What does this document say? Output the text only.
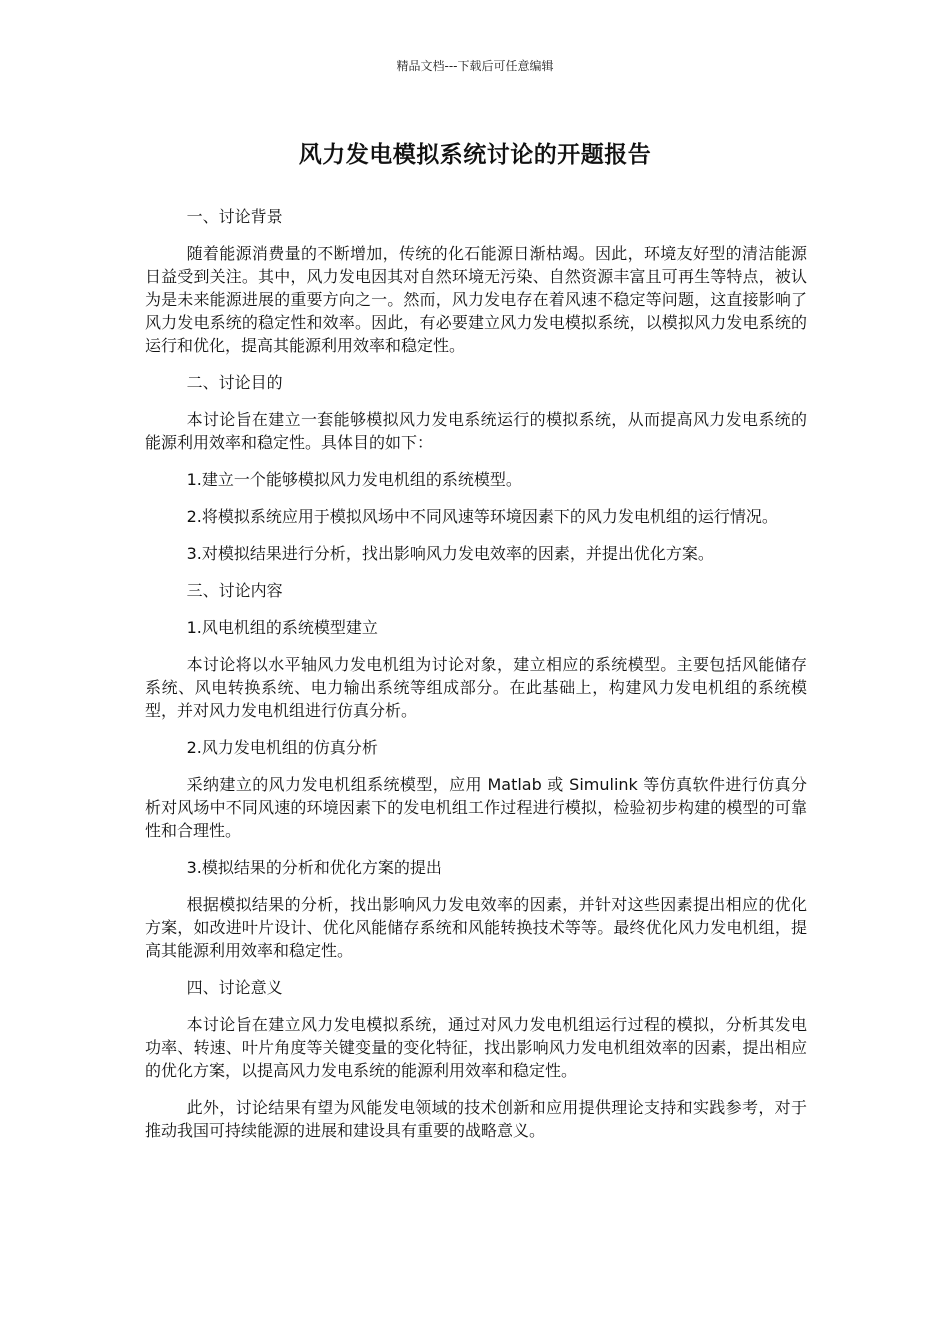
精品文档---下载后可任意编辑
风力发电模拟系统讨论的开题报告

一、讨论背景

随着能源消费量的不断增加，传统的化石能源日渐枯竭。因此，环境友好型的清洁能源日益受到关注。其中，风力发电因其对自然环境无污染、自然资源丰富且可再生等特点，被认为是未来能源进展的重要方向之一。然而，风力发电存在着风速不稳定等问题，这直接影响了风力发电系统的稳定性和效率。因此，有必要建立风力发电模拟系统，以模拟风力发电系统的运行和优化，提高其能源利用效率和稳定性。

二、讨论目的

本讨论旨在建立一套能够模拟风力发电系统运行的模拟系统，从而提高风力发电系统的能源利用效率和稳定性。具体目的如下：

1.建立一个能够模拟风力发电机组的系统模型。

2.将模拟系统应用于模拟风场中不同风速等环境因素下的风力发电机组的运行情况。

3.对模拟结果进行分析，找出影响风力发电效率的因素，并提出优化方案。

三、讨论内容

1.风电机组的系统模型建立

本讨论将以水平轴风力发电机组为讨论对象，建立相应的系统模型。主要包括风能储存系统、风电转换系统、电力输出系统等组成部分。在此基础上，构建风力发电机组的系统模型，并对风力发电机组进行仿真分析。

2.风力发电机组的仿真分析

采纳建立的风力发电机组系统模型，应用 Matlab 或 Simulink 等仿真软件进行仿真分析对风场中不同风速的环境因素下的发电机组工作过程进行模拟，检验初步构建的模型的可靠性和合理性。

3.模拟结果的分析和优化方案的提出

根据模拟结果的分析，找出影响风力发电效率的因素，并针对这些因素提出相应的优化方案，如改进叶片设计、优化风能储存系统和风能转换技术等等。最终优化风力发电机组，提高其能源利用效率和稳定性。

四、讨论意义

本讨论旨在建立风力发电模拟系统，通过对风力发电机组运行过程的模拟，分析其发电功率、转速、叶片角度等关键变量的变化特征，找出影响风力发电机组效率的因素，提出相应的优化方案，以提高风力发电系统的能源利用效率和稳定性。

此外，讨论结果有望为风能发电领域的技术创新和应用提供理论支持和实践参考，对于推动我国可持续能源的进展和建设具有重要的战略意义。
